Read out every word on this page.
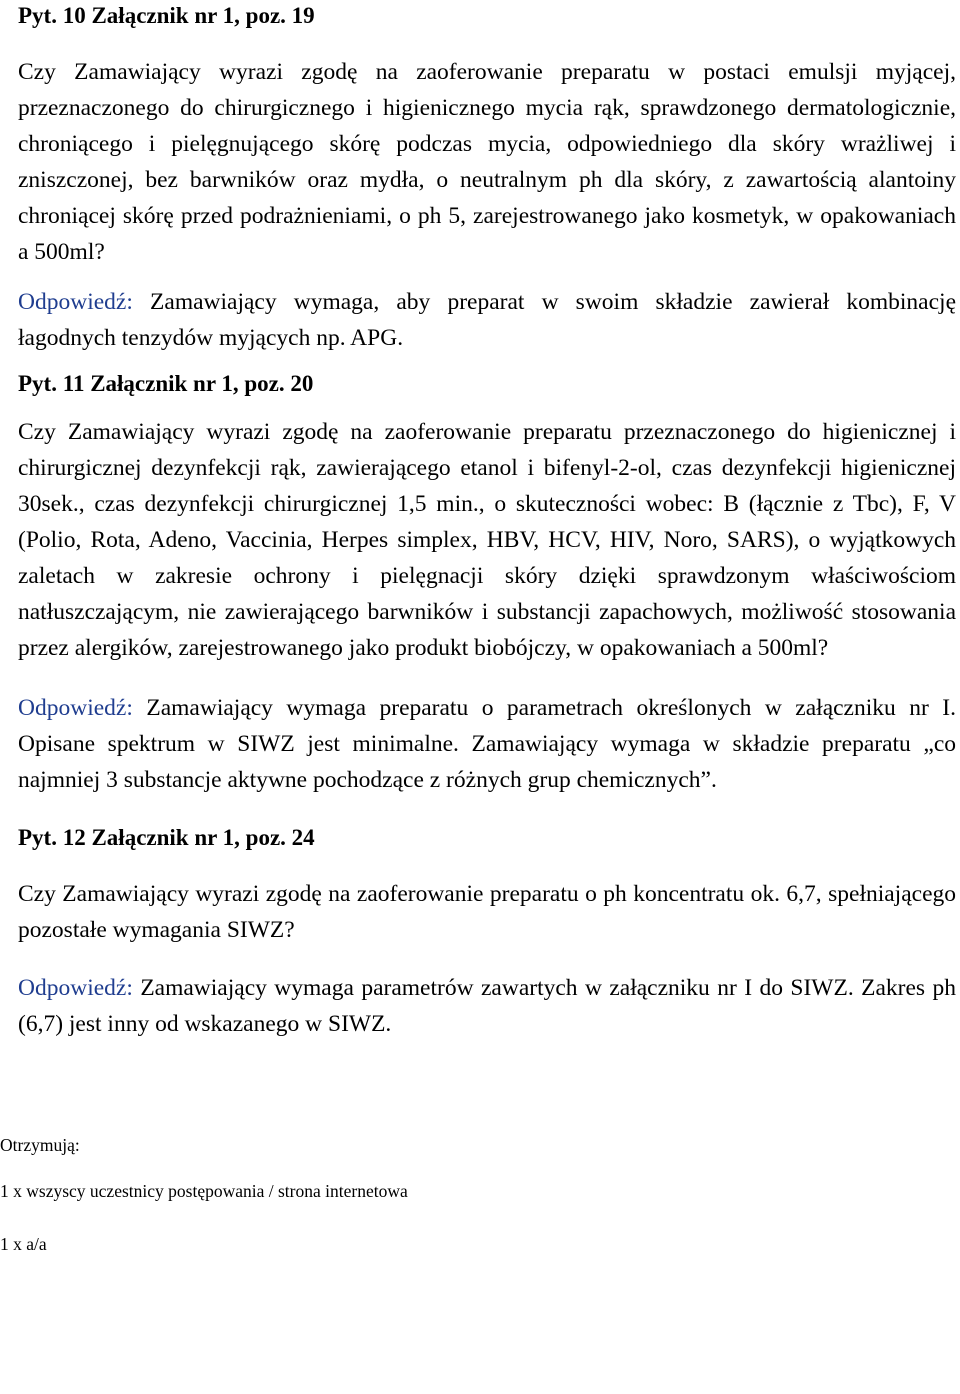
Pyt. 10 Załącznik nr 1, poz. 19

Czy Zamawiający wyrazi zgodę na zaoferowanie preparatu w postaci emulsji myjącej, przeznaczonego do chirurgicznego i higienicznego mycia rąk, sprawdzonego dermatologicznie, chroniącego i pielęgnującego skórę podczas mycia, odpowiedniego dla skóry wrażliwej i zniszczonej, bez barwników oraz mydła, o neutralnym ph dla skóry, z zawartością alantoiny chroniącej skórę przed podrażnieniami, o ph 5, zarejestrowanego jako kosmetyk, w opakowaniach a 500ml?

Odpowiedź: Zamawiający wymaga, aby preparat w swoim składzie zawierał kombinację łagodnych tenzydów myjących np. APG.

Pyt. 11 Załącznik nr 1, poz. 20

Czy Zamawiający wyrazi zgodę na zaoferowanie preparatu przeznaczonego do higienicznej i chirurgicznej dezynfekcji rąk, zawierającego etanol i bifenyl-2-ol, czas dezynfekcji higienicznej 30sek., czas dezynfekcji chirurgicznej 1,5 min., o skuteczności wobec: B (łącznie z Tbc), F, V (Polio, Rota, Adeno, Vaccinia, Herpes simplex, HBV, HCV, HIV, Noro, SARS), o wyjątkowych zaletach w zakresie ochrony i pielęgnacji skóry dzięki sprawdzonym właściwościom natłuszczającym, nie zawierającego barwników i substancji zapachowych, możliwość stosowania przez alergików, zarejestrowanego jako produkt biobójczy, w opakowaniach a 500ml?

Odpowiedź: Zamawiający wymaga preparatu o parametrach określonych w załączniku nr I. Opisane spektrum w SIWZ jest minimalne. Zamawiający wymaga w składzie preparatu „co najmniej 3 substancje aktywne pochodzące z różnych grup chemicznych”.

Pyt. 12 Załącznik nr 1, poz. 24

Czy Zamawiający wyrazi zgodę na zaoferowanie preparatu o ph koncentratu ok. 6,7, spełniającego pozostałe wymagania SIWZ?

Odpowiedź: Zamawiający wymaga parametrów zawartych w załączniku nr I do SIWZ. Zakres ph (6,7) jest inny od wskazanego w SIWZ.

Otrzymują:

1 x wszyscy uczestnicy postępowania / strona internetowa

1 x a/a
